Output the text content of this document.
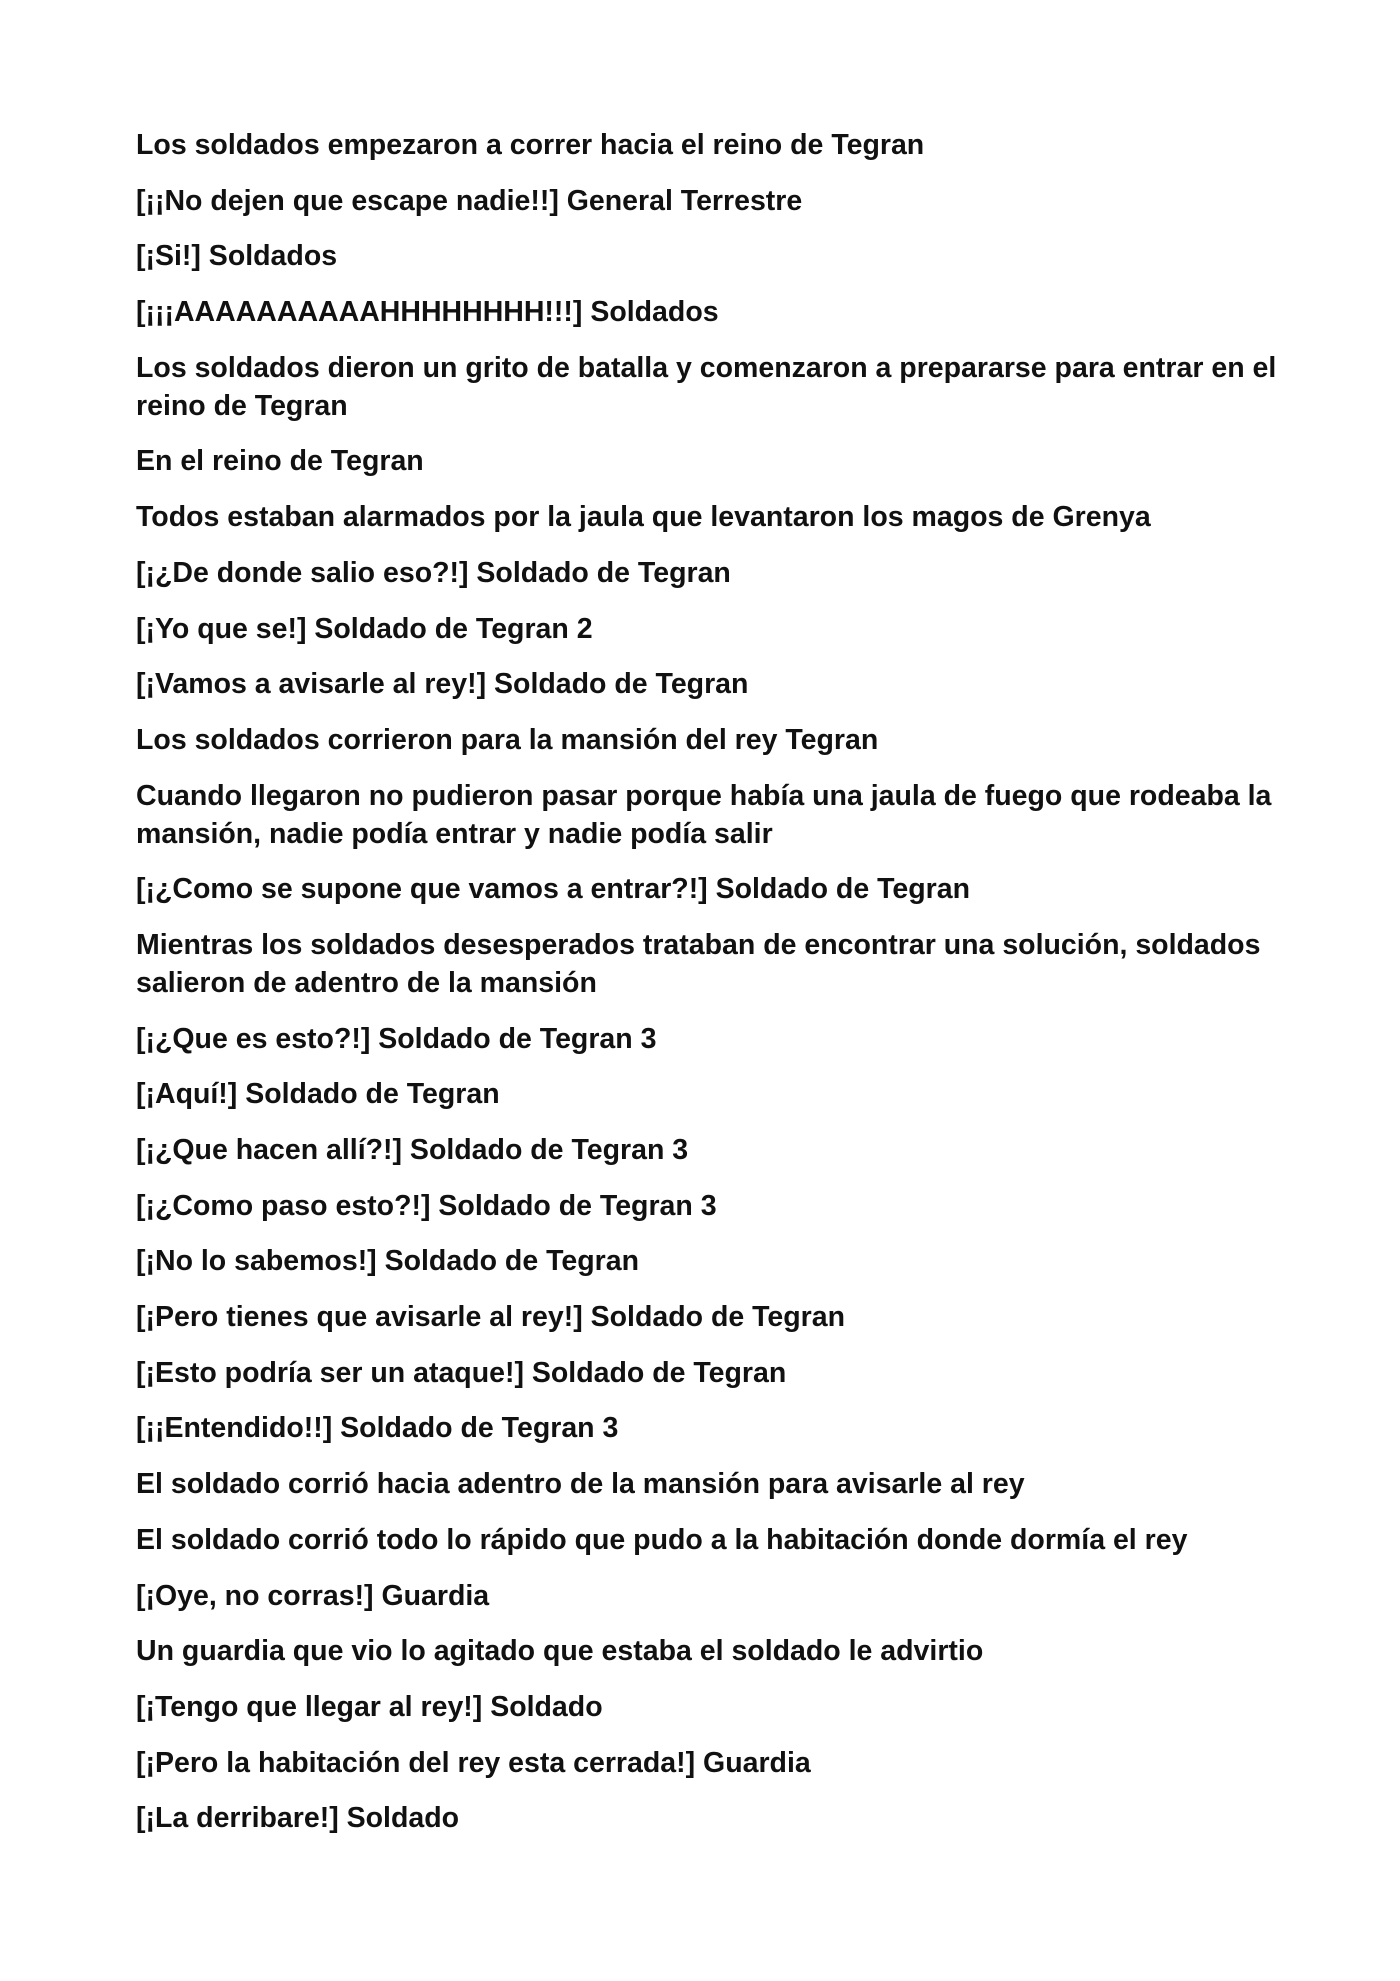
Los soldados empezaron a correr hacia el reino de Tegran

[¡¡No dejen que escape nadie!!] General Terrestre

[¡Si!] Soldados

[¡¡¡AAAAAAAAAAHHHHHHHH!!!] Soldados

Los soldados dieron un grito de batalla y comenzaron a prepararse para entrar en el reino de Tegran

En el reino de Tegran

Todos estaban alarmados por la jaula que levantaron los magos de Grenya

[¡¿De donde salio eso?!] Soldado de Tegran

[¡Yo que se!] Soldado de Tegran 2

[¡Vamos a avisarle al rey!] Soldado de Tegran

Los soldados corrieron para la mansión del rey Tegran

Cuando llegaron no pudieron pasar porque había una jaula de fuego que rodeaba la mansión, nadie podía entrar y nadie podía salir

[¡¿Como se supone que vamos a entrar?!] Soldado de Tegran

Mientras los soldados desesperados trataban de encontrar una solución, soldados salieron de adentro de la mansión

[¡¿Que es esto?!] Soldado de Tegran 3

[¡Aquí!] Soldado de Tegran

[¡¿Que hacen allí?!] Soldado de Tegran 3

[¡¿Como paso esto?!] Soldado de Tegran 3

[¡No lo sabemos!] Soldado de Tegran

[¡Pero tienes que avisarle al rey!] Soldado de Tegran

[¡Esto podría ser un ataque!] Soldado de Tegran

[¡¡Entendido!!] Soldado de Tegran 3

El soldado corrió hacia adentro de la mansión para avisarle al rey

El soldado corrió todo lo rápido que pudo a la habitación donde dormía el rey

[¡Oye, no corras!] Guardia

Un guardia que vio lo agitado que estaba el soldado le advirtio

[¡Tengo que llegar al rey!] Soldado

[¡Pero la habitación del rey esta cerrada!] Guardia

[¡La derribare!] Soldado
